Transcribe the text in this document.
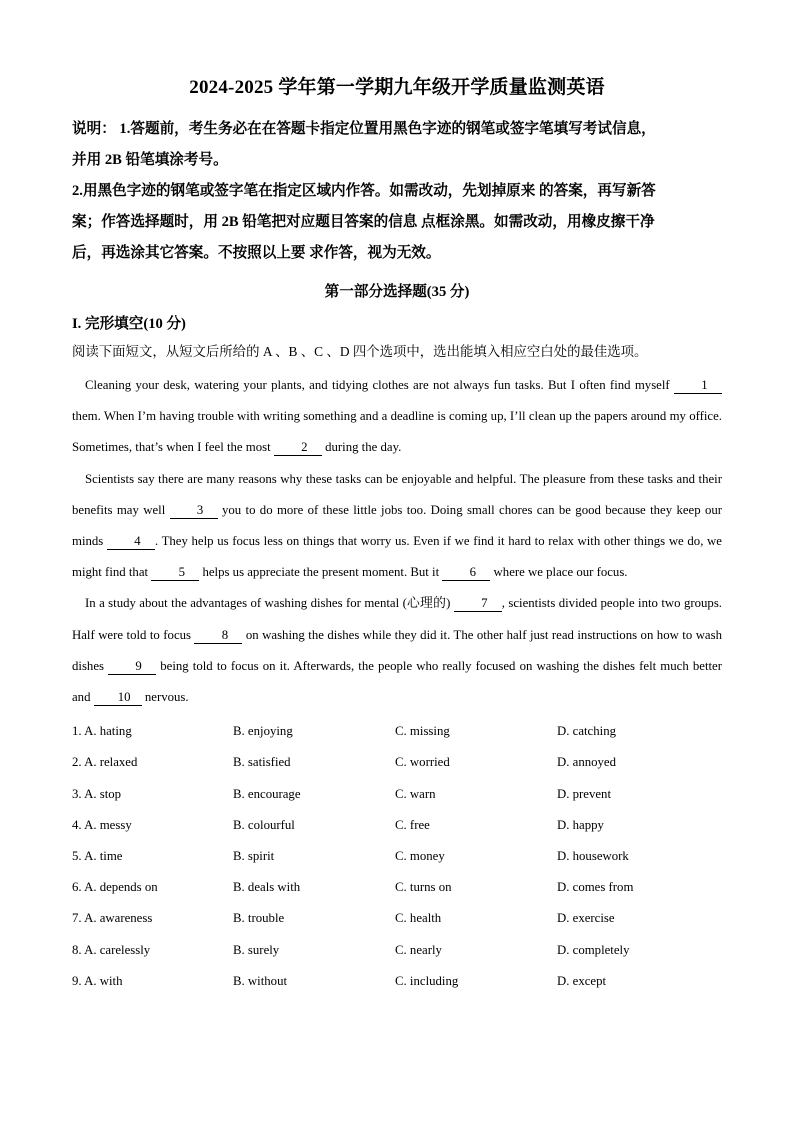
2024-2025 学年第一学期九年级开学质量监测英语

说明： 1.答题前，考生务必在在答题卡指定位置用黑色字迹的钢笔或签字笔填写考试信息，

并用 2B 铅笔填涂考号。

2.用黑色字迹的钢笔或签字笔在指定区域内作答。如需改动，先划掉原来 的答案，再写新答

案；作答选择题时，用 2B 铅笔把对应题目答案的信息 点框涂黑。如需改动，用橡皮擦干净

后，再选涂其它答案。不按照以上要 求作答，视为无效。

第一部分选择题(35 分)
I. 完形填空(10 分)

阅读下面短文，从短文后所给的 A 、B 、C 、D 四个选项中，选出能填入相应空白处的最佳选项。

Cleaning your desk, watering your plants, and tidying clothes are not always fun tasks. But I often find myself 1 them. When I’m having trouble with writing something and a deadline is coming up, I’ll clean up the papers around my office. Sometimes, that’s when I feel the most 2 during the day.

Scientists say there are many reasons why these tasks can be enjoyable and helpful. The pleasure from these tasks and their benefits may well 3 you to do more of these little jobs too. Doing small chores can be good because they keep our minds 4 . They help us focus less on things that worry us. Even if we find it hard to relax with other things we do, we might find that 5 helps us appreciate the present moment. But it 6 where we place our focus.

In a study about the advantages of washing dishes for mental (心理的) 7 , scientists divided people into two groups. Half were told to focus 8 on washing the dishes while they did it. The other half just read instructions on how to wash dishes 9 being told to focus on it. Afterwards, the people who really focused on washing the dishes felt much better and 10 nervous.

1. A. hating	B. enjoying	C. missing	D. catching
2. A. relaxed	B. satisfied	C. worried	D. annoyed
3. A. stop	B. encourage	C. warn	D. prevent
4. A. messy	B. colourful	C. free	D. happy
5. A. time	B. spirit	C. money	D. housework
6. A. depends on	B. deals with	C. turns on	D. comes from
7. A. awareness	B. trouble	C. health	D. exercise
8. A. carelessly	B. surely	C. nearly	D. completely
9. A. with	B. without	C. including	D. except
